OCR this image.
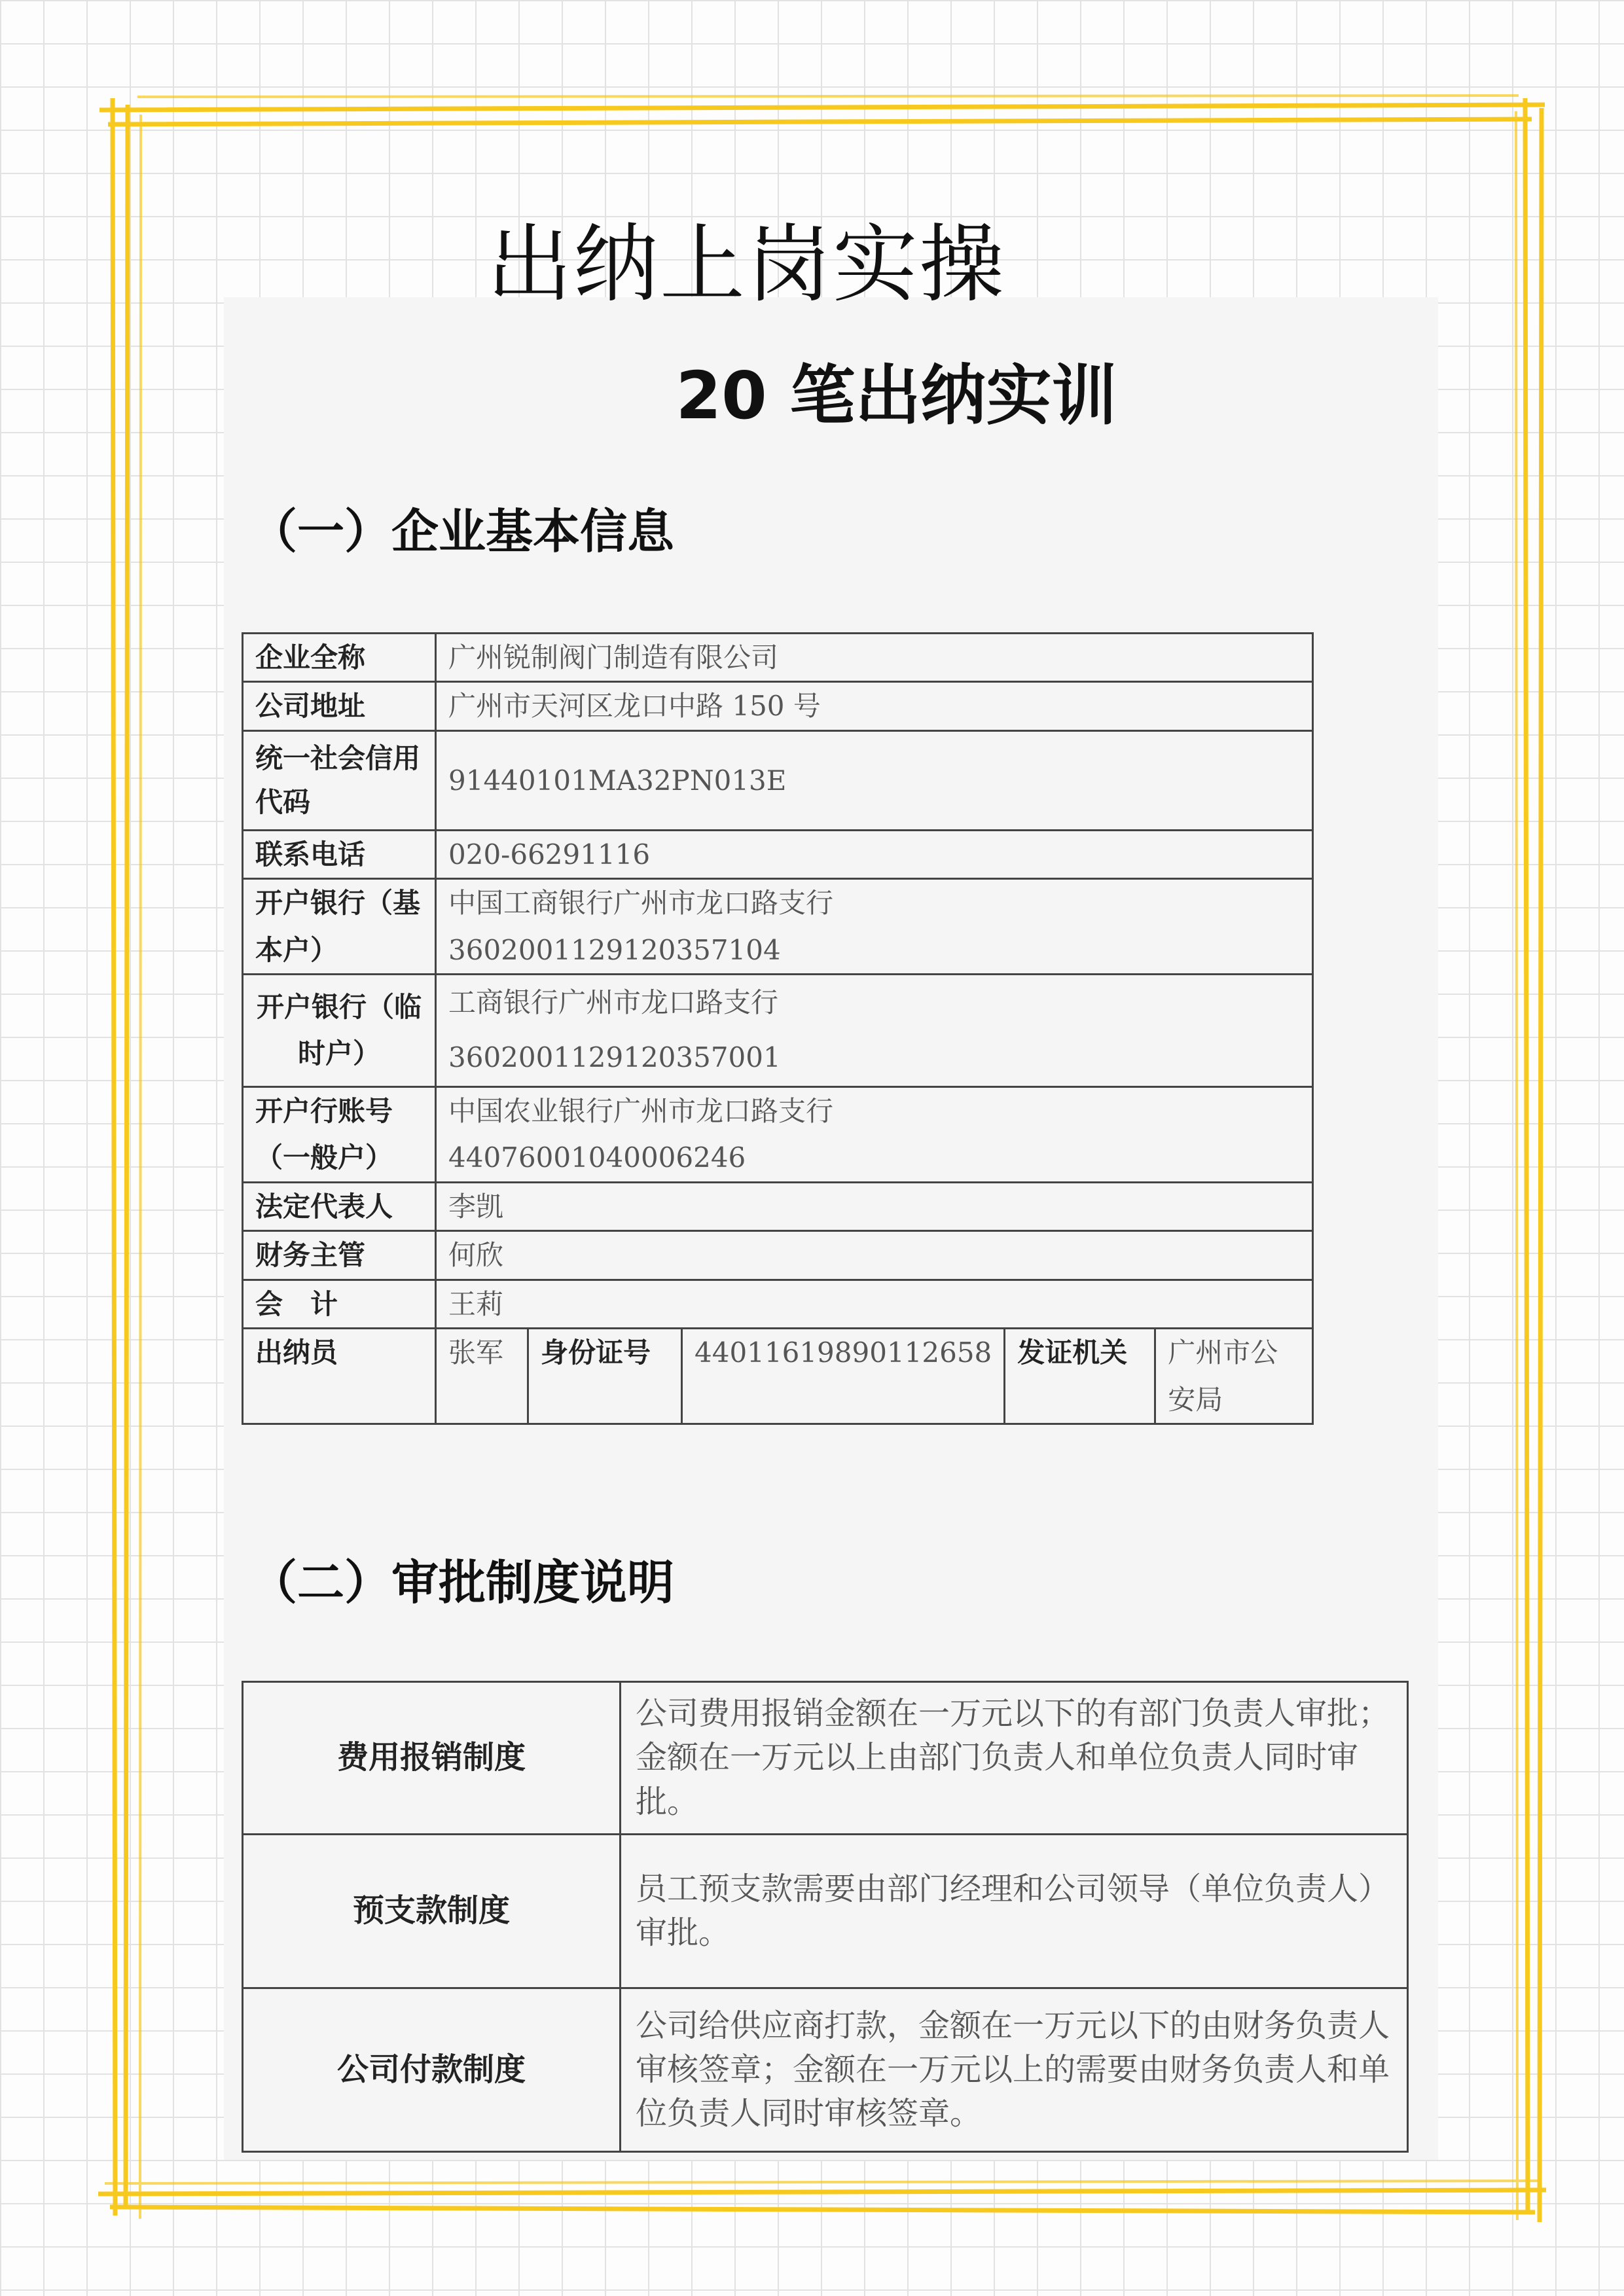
出纳上岗实操
20 笔出纳实训
（一）企业基本信息
企业全称	广州锐制阀门制造有限公司				
公司地址	广州市天河区龙口中路 150 号				
统一社会信用代码	91440101MA32PN013E				
联系电话	020-66291116				
开户银行（基本户）	中国工商银行广州市龙口路支行
3602001129120357104				

开户银行（临时户）	工商银行广州市龙口路支行
3602001129120357001				

开户行账号（一般户）	中国农业银行广州市龙口路支行
44076001040006246				

法定代表人	李凯				
财务主管	何欣				
会　计	王莉				
出纳员	张军	身份证号	44011619890112658	发证机关	广州市公安局
（二）审批制度说明
费用报销制度	公司费用报销金额在一万元以下的有部门负责人审批；金额在一万元以上由部门负责人和单位负责人同时审批。
预支款制度	员工预支款需要由部门经理和公司领导（单位负责人）审批。
公司付款制度	公司给供应商打款，金额在一万元以下的由财务负责人审核签章；金额在一万元以上的需要由财务负责人和单位负责人同时审核签章。
